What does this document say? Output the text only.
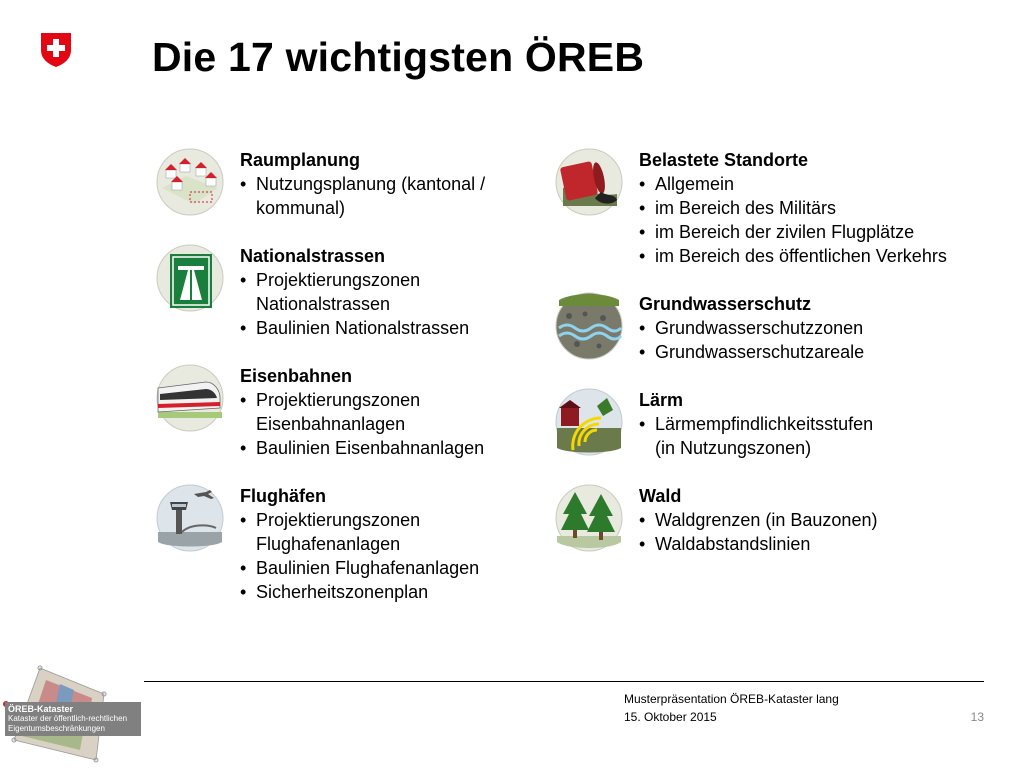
Die 17 wichtigsten ÖREB
Raumplanung
• Nutzungsplanung (kantonal /
kommunal)
Nationalstrassen
• Projektierungszonen
Nationalstrassen
• Baulinien Nationalstrassen
Eisenbahnen
• Projektierungszonen
Eisenbahnanlagen
• Baulinien Eisenbahnanlagen
Flughäfen
• Projektierungszonen
Flughafenanlagen
• Baulinien Flughafenanlagen
• Sicherheitszonenplan
Belastete Standorte
• Allgemein
• im Bereich des Militärs
• im Bereich der zivilen Flugplätze
• im Bereich des öffentlichen Verkehrs
Grundwasserschutz
• Grundwasserschutzzonen
• Grundwasserschutzareale
Lärm
• Lärmempfindlichkeitsstufen
(in Nutzungszonen)
Wald
• Waldgrenzen (in Bauzonen)
• Waldabstandslinien
Musterpräsentation ÖREB-Kataster lang
15. Oktober 2015	13
ÖREB-Kataster
Kataster der öffentlich-rechtlichen
Eigentumsbeschränkungen
